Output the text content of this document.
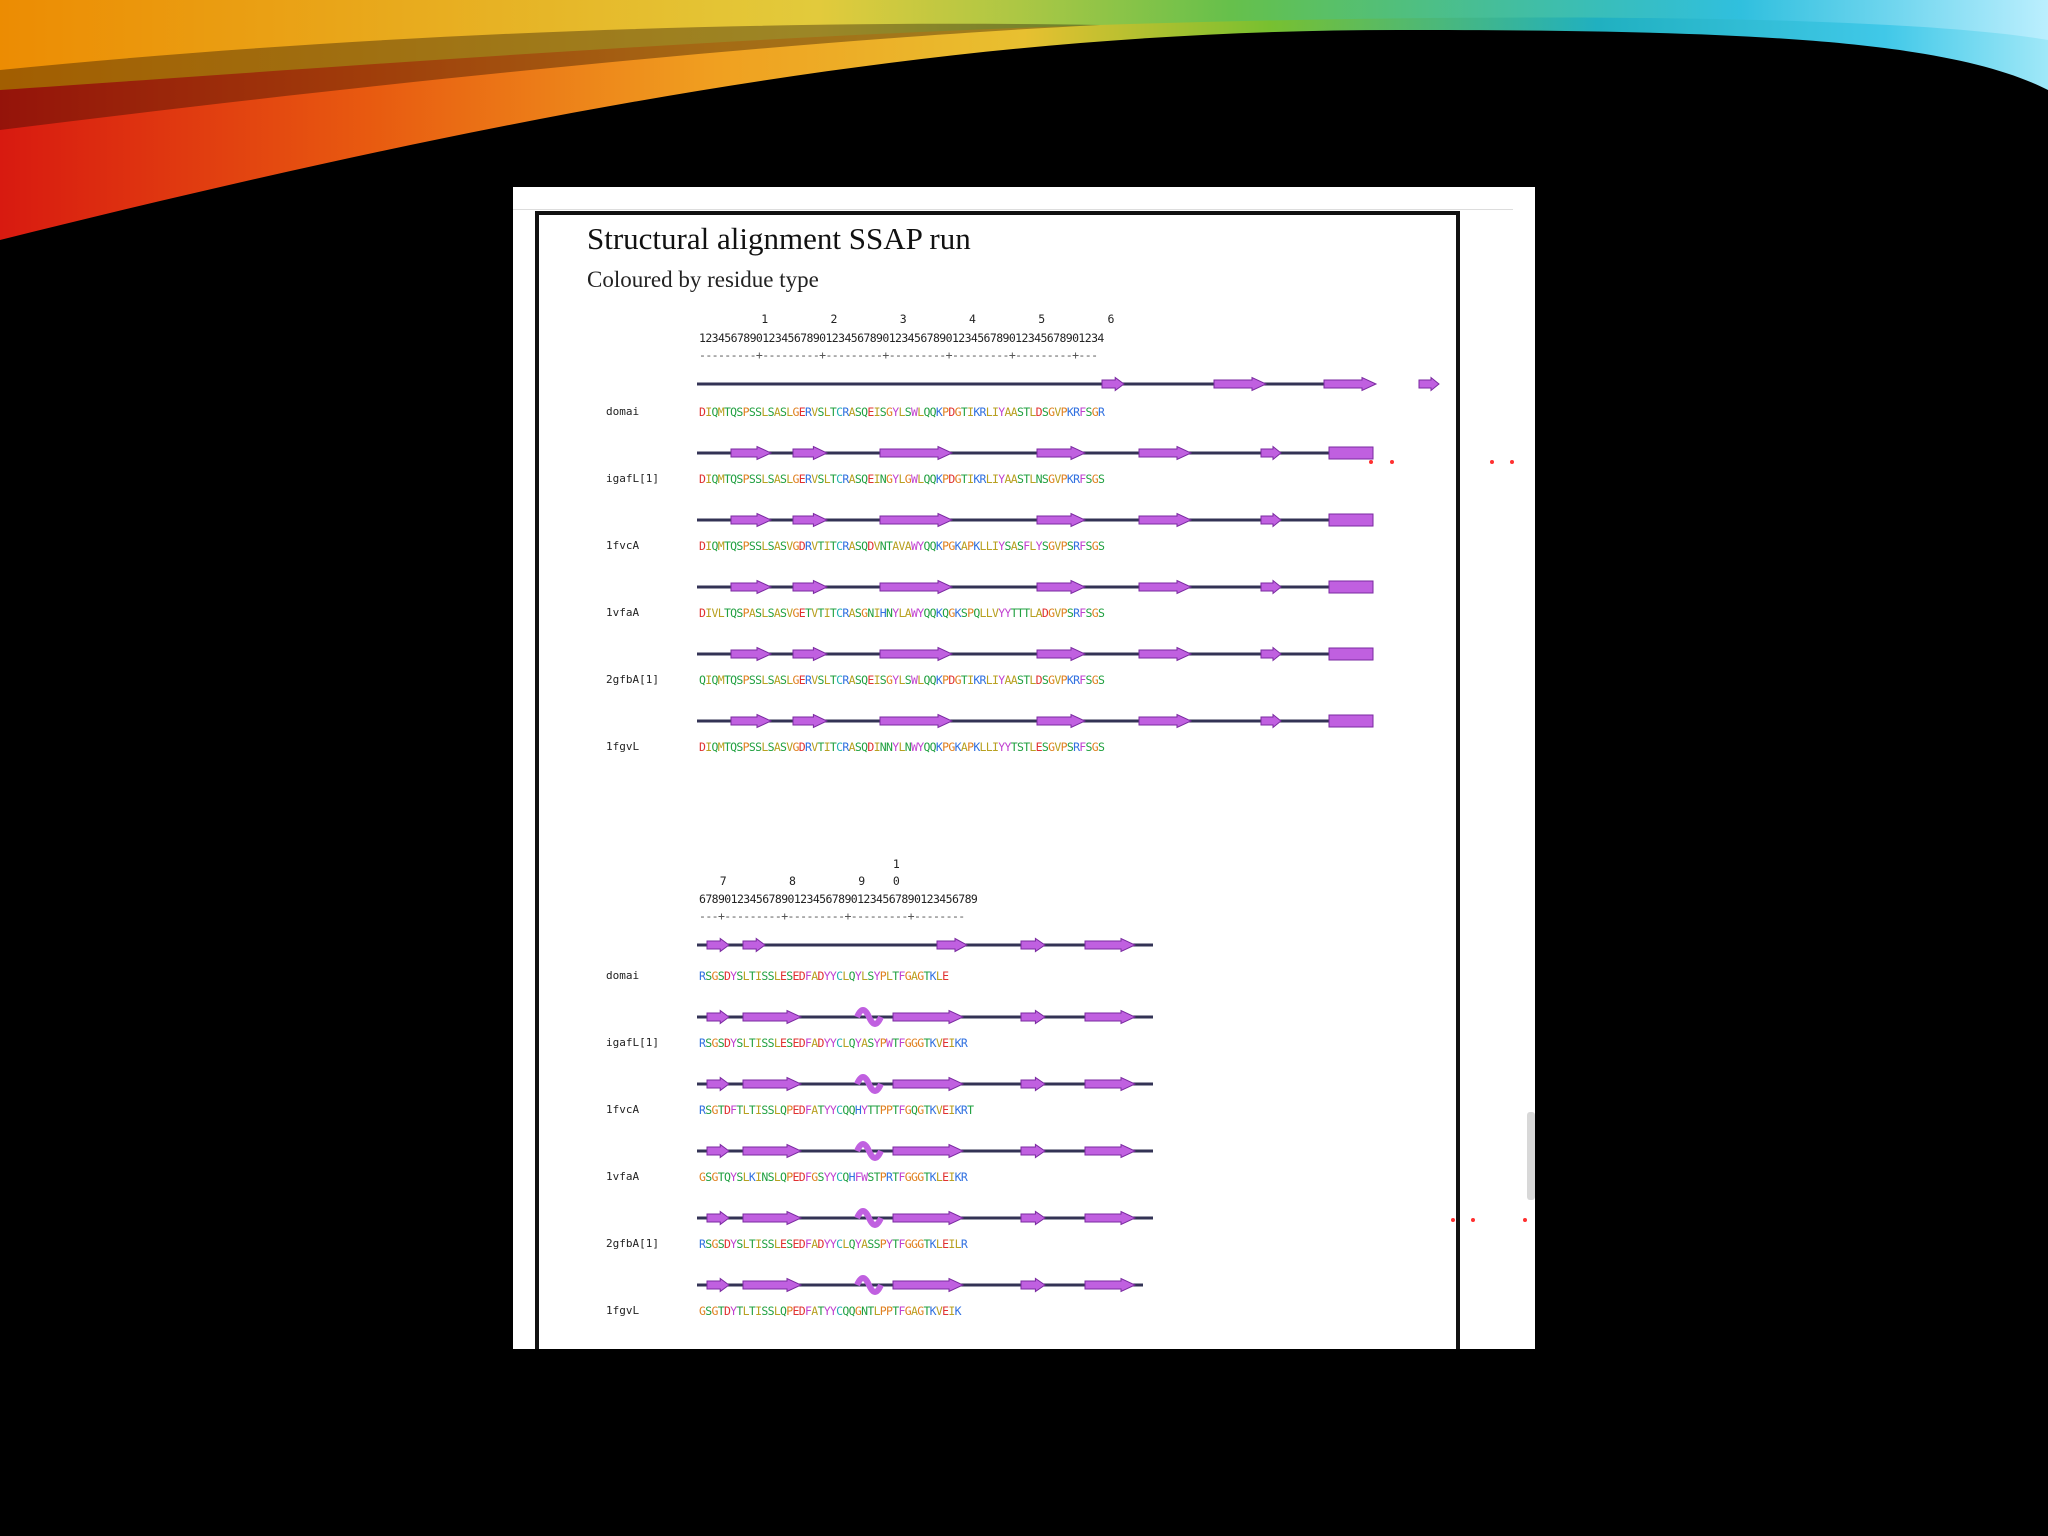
Structural alignment SSAP run
Coloured by residue type
1         2         3         4         5         6
1234567890123456789012345678901234567890123456789012345678901234
---------+---------+---------+---------+---------+---------+---
1
7         8         9    0
67890123456789012345678901234567890123456789
---+---------+---------+---------+--------
domai	DIQMTQSPSSLSASLGERVSLTCRASQEISGYLSWLQQKPDGTIKRLIYAASTLDSGVPKRFSGR
igafL[1]	DIQMTQSPSSLSASLGERVSLTCRASQEINGYLGWLQQKPDGTIKRLIYAASTLNSGVPKRFSGS
1fvcA	DIQMTQSPSSLSASVGDRVTITCRASQDVNTAVAWYQQKPGKAPKLLIYSASFLYSGVPSRFSGS
1vfaA	DIVLTQSPASLSASVGETVTITCRASGNIHNYLAWYQQKQGKSPQLLVYYTTTLADGVPSRFSGS
2gfbA[1]	QIQMTQSPSSLSASLGERVSLTCRASQEISGYLSWLQQKPDGTIKRLIYAASTLDSGVPKRFSGS
1fgvL	DIQMTQSPSSLSASVGDRVTITCRASQDINNYLNWYQQKPGKAPKLLIYYTSTLESGVPSRFSGS
domai	RSGSDYSLTISSLESEDFADYYCLQYLSYPLTFGAGTKLE
igafL[1]	RSGSDYSLTISSLESEDFADYYCLQYASYPWTFGGGTKVEIKR
1fvcA	RSGTDFTLTISSLQPEDFATYYCQQHYTTPPTFGQGTKVEIKRT
1vfaA	GSGTQYSLKINSLQPEDFGSYYCQHFWSTPRTFGGGTKLEIKR
2gfbA[1]	RSGSDYSLTISSLESEDFADYYCLQYASSPYTFGGGTKLEILR
1fgvL	GSGTDYTLTISSLQPEDFATYYCQQGNTLPPTFGAGTKVEIK
